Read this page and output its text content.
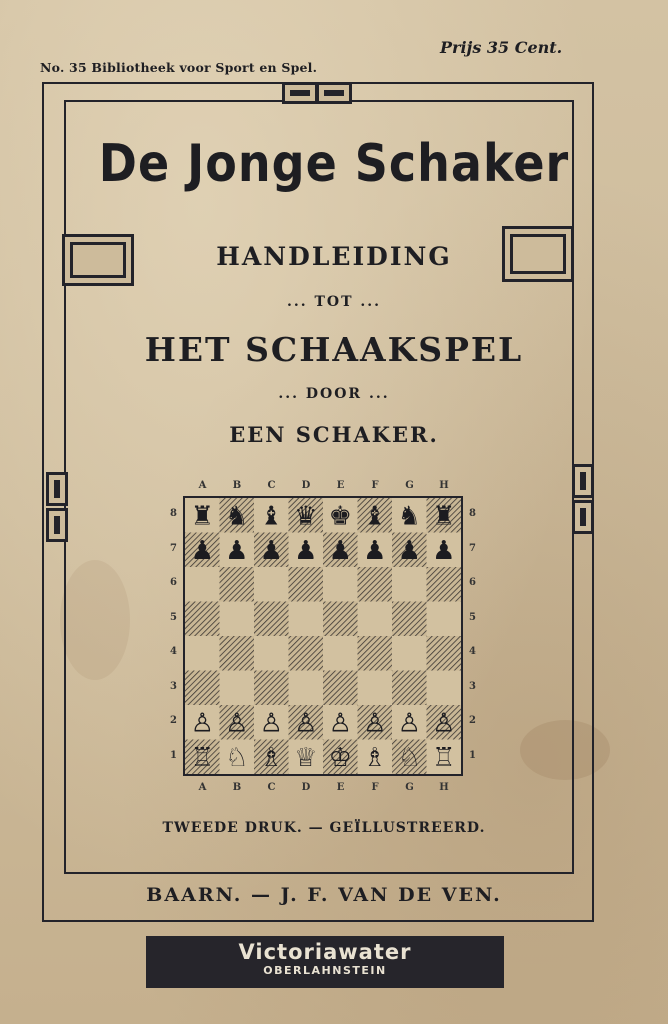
No. 35 Bibliotheek voor Sport en Spel.
Prijs 35 Cent.
De Jonge Schaker
HANDLEIDING
... TOT ...
HET SCHAAKSPEL
... DOOR ...
EEN SCHAKER.
A	B	C	D	E	F	G	H
A	B	C	D	E	F	G	H
8
7
6
5
4
3
2
1
8
7
6
5
4
3
2
1
♜ ♞ ♝ ♛ ♚ ♝ ♞ ♜
♟ ♟ ♟ ♟ ♟ ♟ ♟ ♟
♙ ♙ ♙ ♙ ♙ ♙ ♙ ♙
♖ ♘ ♗ ♕ ♔ ♗ ♘ ♖
TWEEDE DRUK. — GEÏLLUSTREERD.
BAARN. — J. F. VAN DE VEN.
Victoriawater
OBERLAHNSTEIN
